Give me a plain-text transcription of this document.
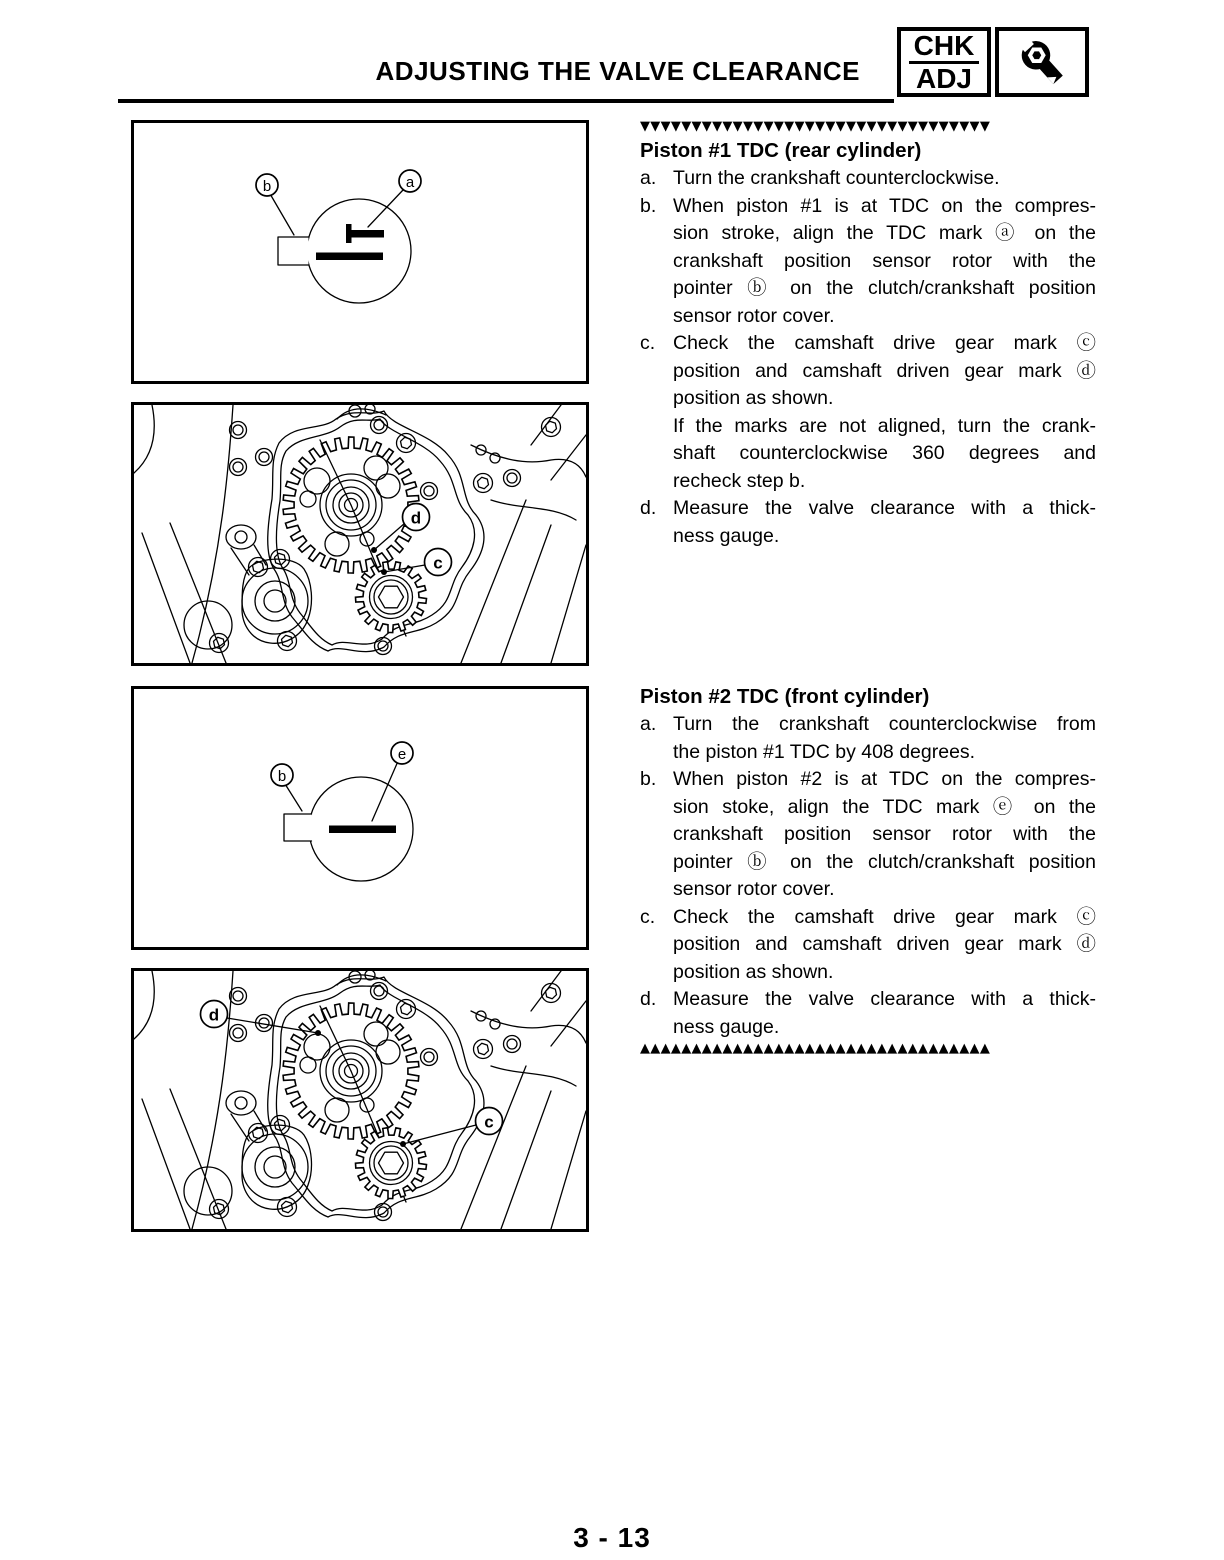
ADJUSTING THE VALVE CLEARANCE
CHK
ADJ
b	a
d
c
b
e
d
c
▼▼▼▼▼▼▼▼▼▼▼▼▼▼▼▼▼▼▼▼▼▼▼▼▼▼▼▼▼▼▼▼▼▼
Piston #1 TDC (rear cylinder)
a. Turn the crankshaft counterclockwise.
b. When piston #1 is at TDC on the compres-
sion stroke, align the TDC mark ⓐ on the
crankshaft position sensor rotor with the
pointer ⓑ on the clutch/crankshaft position
sensor rotor cover.
c. Check the camshaft drive gear mark ⓒ
position and camshaft driven gear mark ⓓ
position as shown.
If the marks are not aligned, turn the crank-
shaft counterclockwise 360 degrees and
recheck step b.
d. Measure the valve clearance with a thick-
ness gauge.
Piston #2 TDC (front cylinder)
a. Turn the crankshaft counterclockwise from
the piston #1 TDC by 408 degrees.
b. When piston #2 is at TDC on the compres-
sion stoke, align the TDC mark ⓔ on the
crankshaft position sensor rotor with the
pointer ⓑ on the clutch/crankshaft position
sensor rotor cover.
c. Check the camshaft drive gear mark ⓒ
position and camshaft driven gear mark ⓓ
position as shown.
d. Measure the valve clearance with a thick-
ness gauge.
▲▲▲▲▲▲▲▲▲▲▲▲▲▲▲▲▲▲▲▲▲▲▲▲▲▲▲▲▲▲▲▲▲▲
3 - 13
